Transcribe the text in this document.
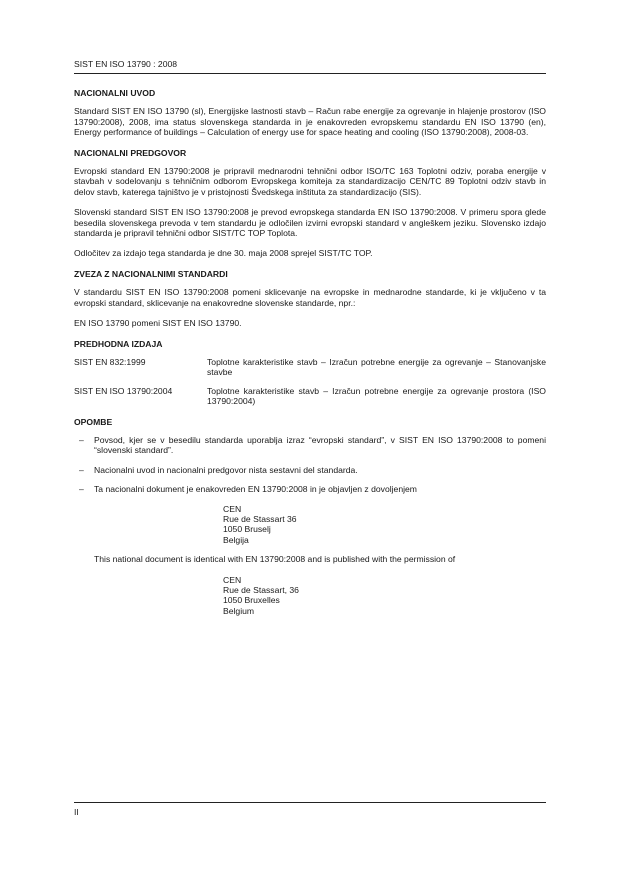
SIST EN ISO 13790 : 2008
NACIONALNI UVOD

Standard SIST EN ISO 13790 (sl), Energijske lastnosti stavb – Račun rabe energije za ogrevanje in hlajenje prostorov (ISO 13790:2008), 2008, ima status slovenskega standarda in je enakovreden evropskemu standardu EN ISO 13790 (en), Energy performance of buildings – Calculation of energy use for space heating and cooling (ISO 13790:2008), 2008-03.

NACIONALNI PREDGOVOR

Evropski standard EN 13790:2008 je pripravil mednarodni tehnični odbor ISO/TC 163 Toplotni odziv, poraba energije v stavbah v sodelovanju s tehničnim odborom Evropskega komiteja za standardizacijo CEN/TC 89 Toplotni odziv stavb in delov stavb, katerega tajništvo je v pristojnosti Švedskega inštituta za standardizacijo (SIS).

Slovenski standard SIST EN ISO 13790:2008 je prevod evropskega standarda EN ISO 13790:2008. V primeru spora glede besedila slovenskega prevoda v tem standardu je odločilen izvirni evropski standard v angleškem jeziku. Slovensko izdajo standarda je pripravil tehnični odbor SIST/TC TOP Toplota.

Odločitev za izdajo tega standarda je dne 30. maja 2008 sprejel SIST/TC TOP.

ZVEZA Z NACIONALNIMI STANDARDI

V standardu SIST EN ISO 13790:2008 pomeni sklicevanje na evropske in mednarodne standarde, ki je vključeno v ta evropski standard, sklicevanje na enakovredne slovenske standarde, npr.:

EN ISO 13790 pomeni SIST EN ISO 13790.

PREDHODNA IZDAJA
SIST EN 832:1999	Toplotne karakteristike stavb – Izračun potrebne energije za ogrevanje – Stanovanjske stavbe
SIST EN ISO 13790:2004	Toplotne karakteristike stavb – Izračun potrebne energije za ogrevanje prostora (ISO 13790:2004)
OPOMBE
– Povsod, kjer se v besedilu standarda uporablja izraz “evropski standard”, v SIST EN ISO 13790:2008 to pomeni “slovenski standard”.
– Nacionalni uvod in nacionalni predgovor nista sestavni del standarda.
– Ta nacionalni dokument je enakovreden EN 13790:2008 in je objavljen z dovoljenjem
CEN
Rue de Stassart 36
1050 Bruselj
Belgija
This national document is identical with EN 13790:2008 and is published with the permission of
CEN
Rue de Stassart, 36
1050 Bruxelles
Belgium
II
